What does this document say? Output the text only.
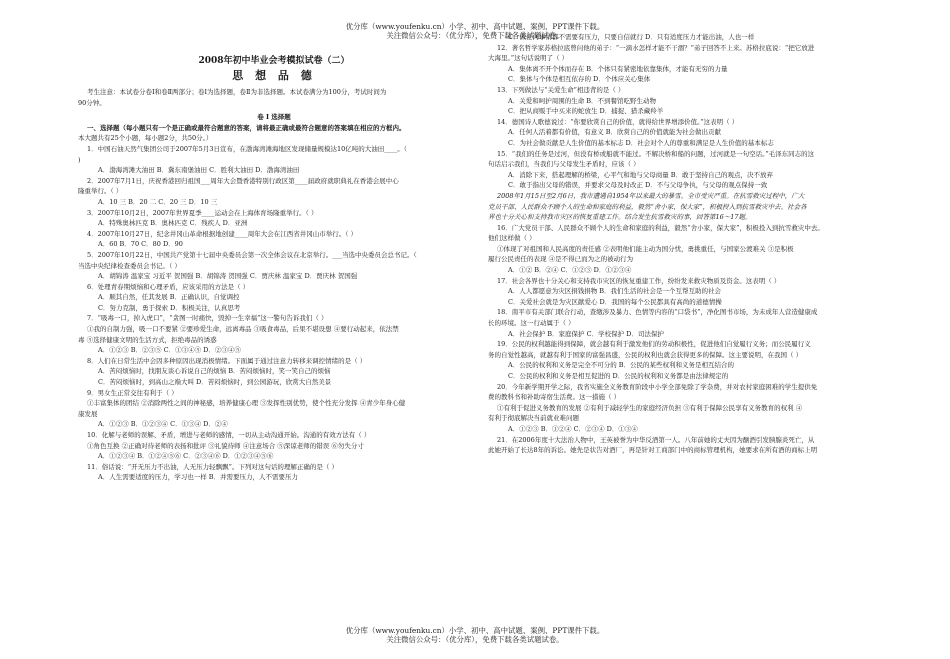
优分库（www.youfenku.cn）小学、初中、高中试题、案例、PPT课件下载。
关注微信公众号：（优分库），免费下载各类试题试卷。
2008年初中毕业会考模拟试卷（二）
思 想 品 德
考生注意：本试卷分卷Ⅰ和卷Ⅱ两部分；卷Ⅰ为选择题，卷Ⅱ为非选择题。本试卷满分为100分，考试时间为
90分钟。
卷 Ⅰ 选择题
一、选择题（每小题只有一个是正确或最符合题意的答案，请将最正确或最符合题意的答案填在相应的方框内。
本大题共有25个小题，每小题2分，共50分。）
1．中国石油天然气集团公司于2007年5月3日宣布，在渤海湾滩海地区发现储量规模达10亿吨的大油田____。（
)
A．渤海湾滩大油田 B．冀东南堡油田 C．胜利大油田 D．渤海湾油田
2．2007年7月1日，庆祝香港回归祖国___周年大会暨香港特别行政区第____届政府就职典礼在香港会展中心
隆重举行。（ ）
A．10 三 B．20 二 C．20 三 D．10 三
3．2007年10月2日，2007年世界夏季____运动会在上海体育场隆重举行。（ ）
A．特殊奥林匹克 B．奥林匹克 C．残疾人 D．亚洲
4．2007年10月27日，纪念井冈山革命根据地创建____周年大会在江西省井冈山市举行。（ ）
A．60 B．70 C．80 D．90
5．2007年10月22日，中国共产党第十七届中央委员会第一次全体会议在北京举行。___当选中央委员会总书记。（
当选中央纪律检查委员会书记。（ ）
A．胡锦涛 温家宝 习近平 贺国强 B．胡锦涛 贺国强 C．贾庆林 温家宝 D．贾庆林 贺国强
6．处理青春期烦恼和心理矛盾，应该采用的方法是（ ）
A．顺其自然，任其发展 B．正确认识，自觉调控
C．努力克制，勇于探索 D．积极关注，认真思考
7．“吸毒一口，掉入虎口”，“贪图一时痛快，毁掉一生幸福”这一警句告诉我们（ ）
①我的自制力强，吸一口不要紧 ②要珍爱生命，远离毒品 ③吸食毒品，后果不堪设想 ④要行动起来，依法禁
毒 ⑤选择健康文明的生活方式，拒绝毒品的诱惑
A．①②③ B．②③⑤ C．①③④⑤ D．②③④⑤
8．人们在日常生活中会因多种原因出现消极情绪。下面属于通过注意力转移来调控情绪的是（ ）
A．苦闷烦恼时，找朋友谈心诉说自己的烦恼 B．苦闷烦恼时，笑一笑自己的烦恼
C．苦闷烦恼时，到高山之巅大叫 D．苦闷烦恼时，到公园游玩，欣赏大自然美景
9．男女生正常交往有利于（ ）
①丰富集体的团结 ②消除两性之间的神秘感，培养健康心理 ③发挥性别优势，使个性充分发挥 ④青少年身心健
康发展
A．①②③ B．①②③④ C．①③④ D．②④
10．化解与老师的误解、矛盾，增进与老师的感情，一切从主动沟通开始。沟通的有效方法有（ ）
①角色互换 ②正确对待老师的表扬和批评 ③礼貌待师 ④注意场合 ⑤深谅老师的错误 ⑥勿失分寸
A．①②③④ B．①②④⑤⑥ C．②③④⑥ D．①②③④⑤⑥
11．俗话说：“开无压力不出油，人无压力轻飘飘”。下列对这句话的理解正确的是（ ）
A．人生需要适度的压力，学习也一样 B．并需要压力，人不需要压力
C．做任何事情都不需要有压力，只要自信就行 D．只有适度压力才能出油，人也一样
12．著名哲学家苏格拉底曾问他的弟子：“一滴水怎样才能不干涸？”弟子回答不上来。苏格拉底说：“把它放进
大海里。”这句话说明了（ ）
A．集体离不开个体而存在 B．个体只有紧密地依靠集体，才能有无穷的力量
C．集体与个体是相互依存的 D．个体应关心集体
13．下列做法与“关爱生命”相违背的是（ ）
A．关爱和呵护周围的生命 B．不到餐馆吃野生动物
C．把从商贩手中买来的蛇放生 D．捕捉、猎杀藏羚羊
14．德国诗人歌德说过：“你要欣赏自己的价值，就得给世界增添价值。”这表明（ ）
A．任何人活着都有价值，有意义 B．欣赏自己的价值就能为社会做出贡献
C．为社会做贡献是人生价值的基本标志 D．社会对个人的尊重和满足是人生价值的基本标志
15．“我们的任务是过河，但没有桥或船就不能过。不解决桥和船的问题，过河就是一句空话。”毛泽东同志的这
句话启示我们，当我们与父母发生矛盾时，应该（ ）
A．消除下来，搭起理解的桥梁，心平气和地与父母商量 B．敢于坚持自己的观点，决不放弃
C．敢于指出父母的错误，并要求父母及时改正 D．不与父母争执，与父母的观点保持一致
2008年1月15日至2月6日，我市遭遇自1954年以来最大的暴雪。全市受灾严重。在抗雪救灾过程中，广大
党员干部、人民群众不顾个人的生命和家庭的利益，毅然“舍小家，保大家”，积极投入到抗雪救灾中去。社会各
界也十分关心和支持我市灾区的恢复重建工作。结合发生抗雪救灾的事，回答第16～17题。
16．广大党员干部、人民群众不顾个人的生命和家庭的利益，毅然“舍小家，保大家”，积极投入到抗雪救灾中去。
他们这样做（ ）
①体现了对祖国和人民高度的责任感 ②表明他们能主动为国分忧，勇挑重任，与国家公渡难关 ③是积极
履行公民责任的表现 ④是不得已而为之的被动行为
A．①② B．②④ C．①②③ D．①②③④
17．社会各界也十分关心和支持我市灾区的恢复重建工作，纷纷发来救灾物质及资金。这表明（ ）
A．人人都愿意为灾区捐钱捐物 B．我们生活的社会是一个互帮互助的社会
C．关爱社会就是为灾区献爱心 D．我国的每个公民都具有高尚的道德情操
18．南平市有关部门联合行动，查缴涉及暴力、色情等内容的“口袋书”，净化图书市场，为未成年人营造健康成
长的环境。这一行动属于（ ）
A．社会保护 B．家庭保护 C．学校保护 D．司法保护
19．公民的权利越能得到保障，就会越有利于激发他们的劳动积极性，促进他们自觉履行义务；而公民履行义
务的自觉性越高，就越有利于国家的富强昌盛，公民的权利也就会获得更多的保障。这主要说明，在我国（ ）
A．公民的权利和义务是完全不可分的 B．公民的某些权利和义务是相互结合的
C．公民的权利和义务是相互促进的 D．公民的权利和义务都是由法律规定的
20．今年新学期开学之际，我省实施全义务教育阶段中小学全部免除了学杂费，并对农村家庭困难的学生提供免
费的教科书和补助寄宿生活费。这一措施（ ）
①有利于促进义务教育的发展 ②有利于减轻学生的家庭经济负担 ③有利于保障公民享有义务教育的权利 ④
有利于彻底解决当前就业难问题
A．①②③ B．①②④ C．②③④ D．①③④
21．在2006年度十大法治人物中，王英被誉为中华反酒第一人。八年前她的丈夫因为酗酒引发胰腺炎死亡，从
此她开始了长达8年的诉讼。她先是状告对酒厂，再是针对工商部门中的商标管理机构，她要求在所有酒的商标上明
优分库（www.youfenku.cn）小学、初中、高中试题、案例、PPT课件下载。
关注微信公众号：（优分库），免费下载各类试题试卷。
